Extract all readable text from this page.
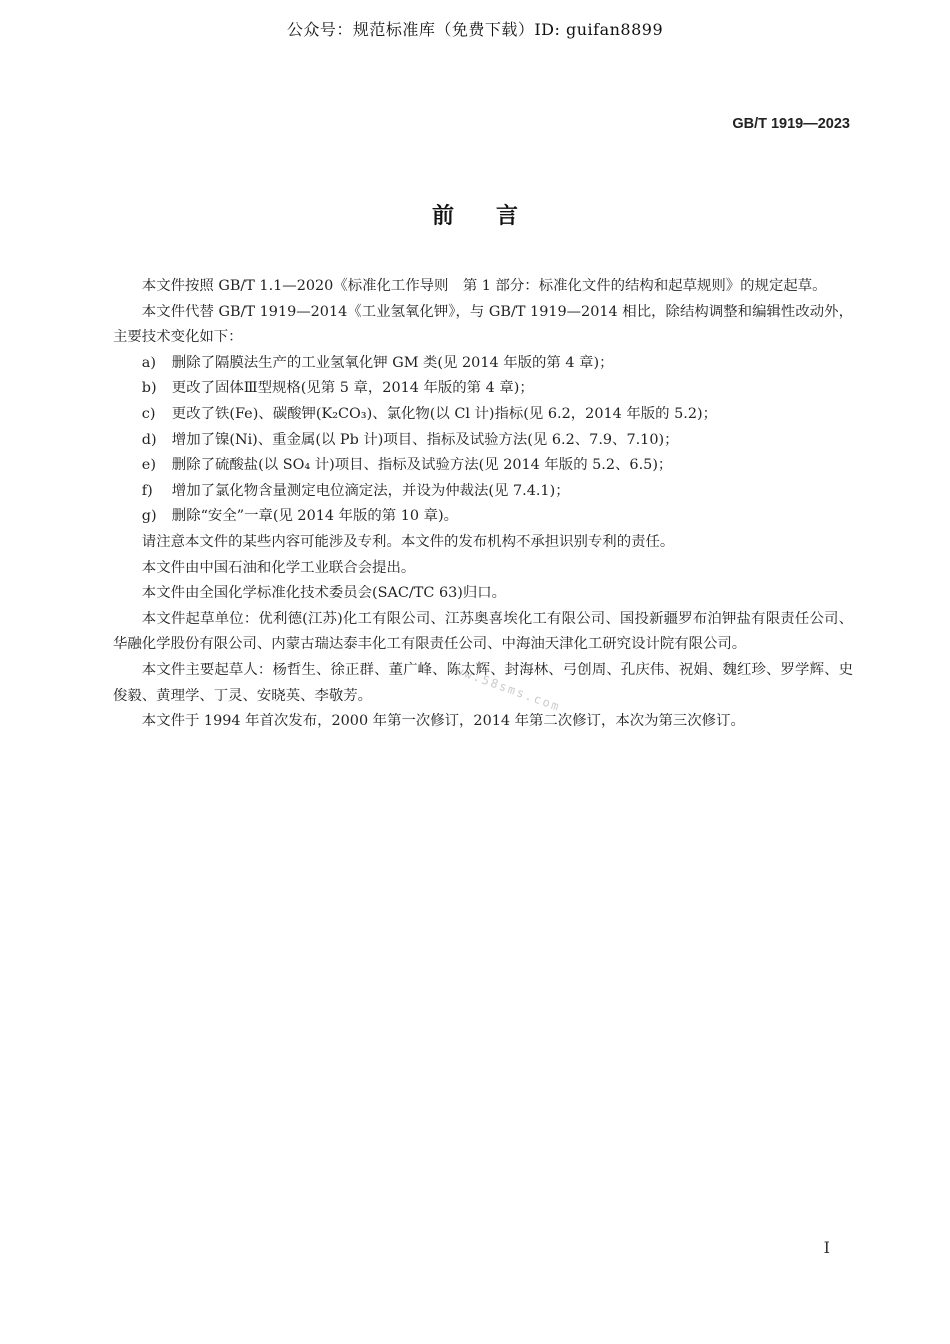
公众号：规范标准库（免费下载）ID: guifan8899
GB/T 1919—2023
前言

本文件按照 GB/T 1.1—2020《标准化工作导则　第 1 部分：标准化文件的结构和起草规则》的规定起草。

本文件代替 GB/T 1919—2014《工业氢氧化钾》，与 GB/T 1919—2014 相比，除结构调整和编辑性改动外，主要技术变化如下：

a)	删除了隔膜法生产的工业氢氧化钾 GM 类(见 2014 年版的第 4 章)；
b)	更改了固体Ⅲ型规格(见第 5 章，2014 年版的第 4 章)；
c)	更改了铁(Fe)、碳酸钾(K₂CO₃)、氯化物(以 Cl 计)指标(见 6.2，2014 年版的 5.2)；
d)	增加了镍(Ni)、重金属(以 Pb 计)项目、指标及试验方法(见 6.2、7.9、7.10)；
e)	删除了硫酸盐(以 SO₄ 计)项目、指标及试验方法(见 2014 年版的 5.2、6.5)；
f)	增加了氯化物含量测定电位滴定法，并设为仲裁法(见 7.4.1)；
g)	删除“安全”一章(见 2014 年版的第 10 章)。

请注意本文件的某些内容可能涉及专利。本文件的发布机构不承担识别专利的责任。

本文件由中国石油和化学工业联合会提出。

本文件由全国化学标准化技术委员会(SAC/TC 63)归口。

本文件起草单位：优利德(江苏)化工有限公司、江苏奥喜埃化工有限公司、国投新疆罗布泊钾盐有限责任公司、华融化学股份有限公司、内蒙古瑞达泰丰化工有限责任公司、中海油天津化工研究设计院有限公司。

本文件主要起草人：杨哲生、徐正群、董广峰、陈太辉、封海林、弓创周、孔庆伟、祝娟、魏红珍、罗学辉、史俊毅、黄理学、丁灵、安晓英、李敬芳。

本文件于 1994 年首次发布，2000 年第一次修订，2014 年第二次修订，本次为第三次修订。

www.58sms.com
I
